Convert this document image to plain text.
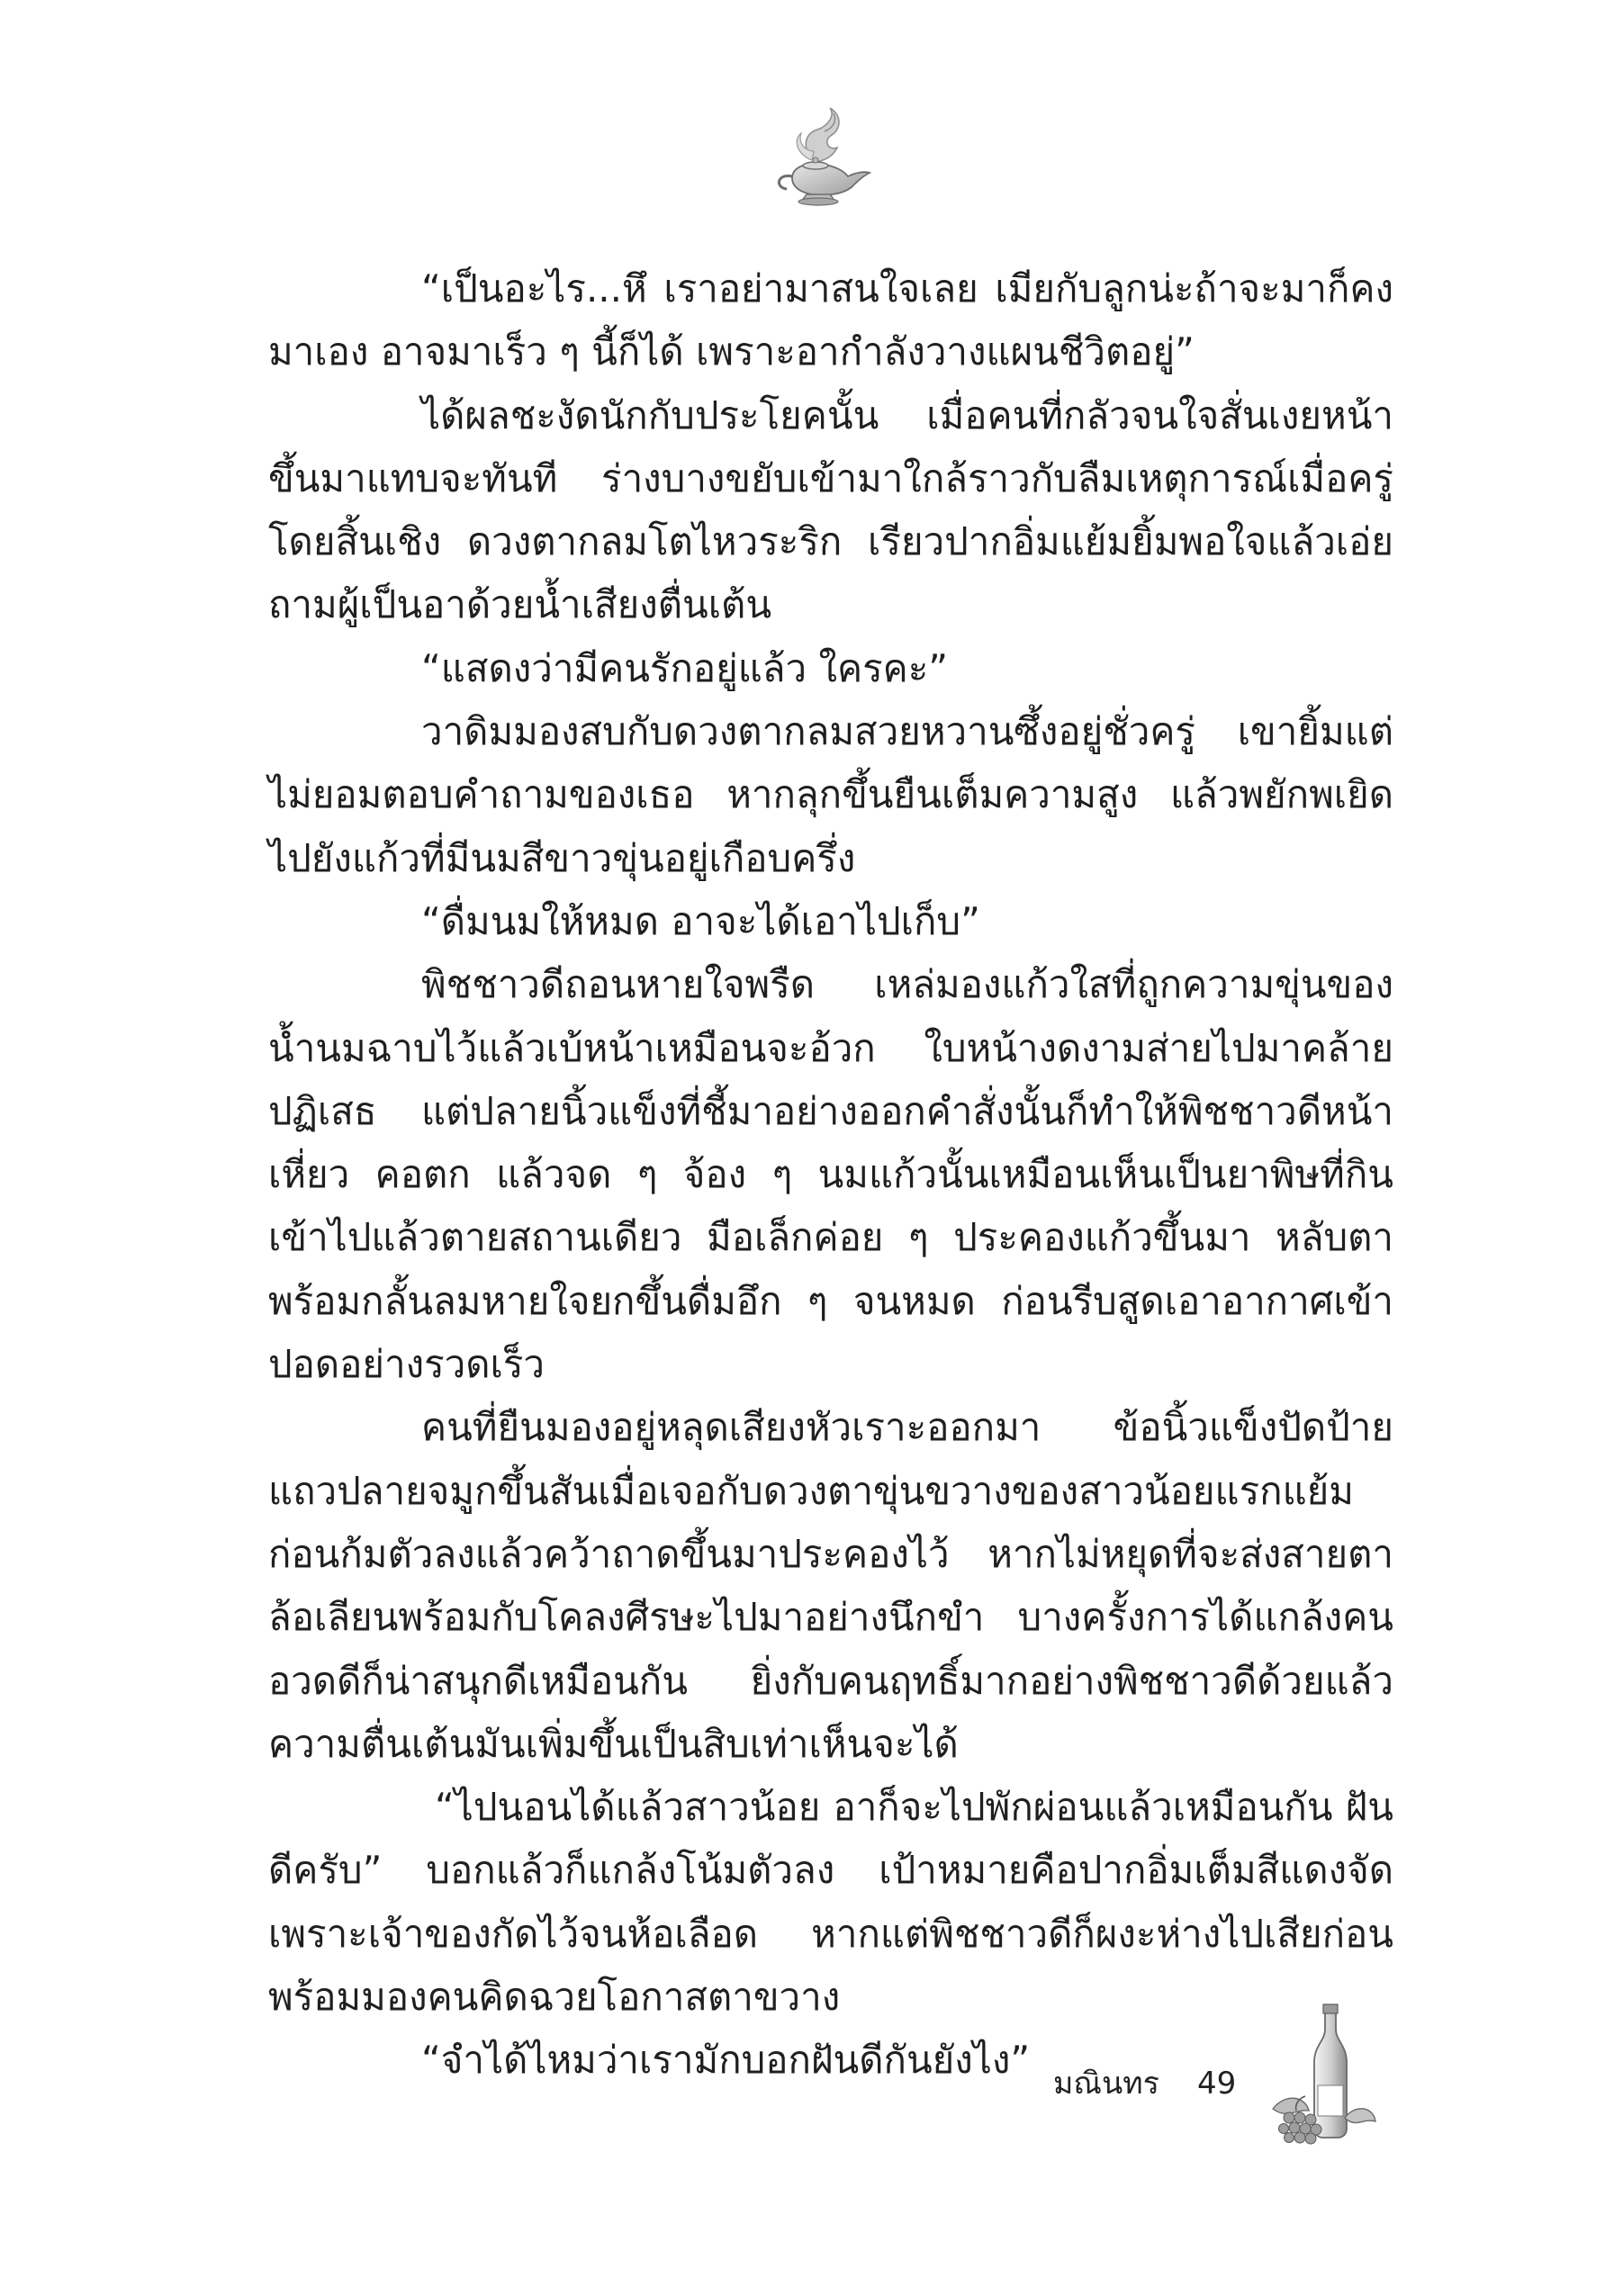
“เป็นอะไร...หึ เราอย่ามาสนใจเลย เมียกับลูกน่ะถ้าจะมาก็คงมาเอง อาจมาเร็ว ๆ นี้ก็ได้ เพราะอากำลังวางแผนชีวิตอยู่”

ได้ผลชะงัดนักกับประโยคนั้น เมื่อคนที่กลัวจนใจสั่นเงยหน้าขึ้นมาแทบจะทันที ร่างบางขยับเข้ามาใกล้ราวกับลืมเหตุการณ์เมื่อครู่โดยสิ้นเชิง ดวงตากลมโตไหวระริก เรียวปากอิ่มแย้มยิ้มพอใจแล้วเอ่ยถามผู้เป็นอาด้วยน้ำเสียงตื่นเต้น

“แสดงว่ามีคนรักอยู่แล้ว ใครคะ”

วาดิมมองสบกับดวงตากลมสวยหวานซึ้งอยู่ชั่วครู่ เขายิ้มแต่ไม่ยอมตอบคำถามของเธอ หากลุกขึ้นยืนเต็มความสูง แล้วพยักพเยิดไปยังแก้วที่มีนมสีขาวขุ่นอยู่เกือบครึ่ง

“ดื่มนมให้หมด อาจะได้เอาไปเก็บ”

พิชชาวดีถอนหายใจพรืด เหล่มองแก้วใสที่ถูกความขุ่นของน้ำนมฉาบไว้แล้วเบ้หน้าเหมือนจะอ้วก ใบหน้างดงามส่ายไปมาคล้ายปฏิเสธ แต่ปลายนิ้วแข็งที่ชี้มาอย่างออกคำสั่งนั้นก็ทำให้พิชชาวดีหน้าเหี่ยว คอตก แล้วจด ๆ จ้อง ๆ นมแก้วนั้นเหมือนเห็นเป็นยาพิษที่กินเข้าไปแล้วตายสถานเดียว มือเล็กค่อย ๆ ประคองแก้วขึ้นมา หลับตาพร้อมกลั้นลมหายใจยกขึ้นดื่มอึก ๆ จนหมด ก่อนรีบสูดเอาอากาศเข้าปอดอย่างรวดเร็ว

คนที่ยืนมองอยู่หลุดเสียงหัวเราะออกมา ข้อนิ้วแข็งปัดป้ายแถวปลายจมูกขึ้นสันเมื่อเจอกับดวงตาขุ่นขวางของสาวน้อยแรกแย้มก่อนก้มตัวลงแล้วคว้าถาดขึ้นมาประคองไว้ หากไม่หยุดที่จะส่งสายตาล้อเลียนพร้อมกับโคลงศีรษะไปมาอย่างนึกขำ บางครั้งการได้แกล้งคนอวดดีก็น่าสนุกดีเหมือนกัน ยิ่งกับคนฤทธิ์มากอย่างพิชชาวดีด้วยแล้ว ความตื่นเต้นมันเพิ่มขึ้นเป็นสิบเท่าเห็นจะได้

“ไปนอนได้แล้วสาวน้อย อาก็จะไปพักผ่อนแล้วเหมือนกัน ฝันดีครับ” บอกแล้วก็แกล้งโน้มตัวลง เป้าหมายคือปากอิ่มเต็มสีแดงจัดเพราะเจ้าของกัดไว้จนห้อเลือด หากแต่พิชชาวดีก็ผงะห่างไปเสียก่อนพร้อมมองคนคิดฉวยโอกาสตาขวาง

“จำได้ไหมว่าเรามักบอกฝันดีกันยังไง”

มณินทร 49
